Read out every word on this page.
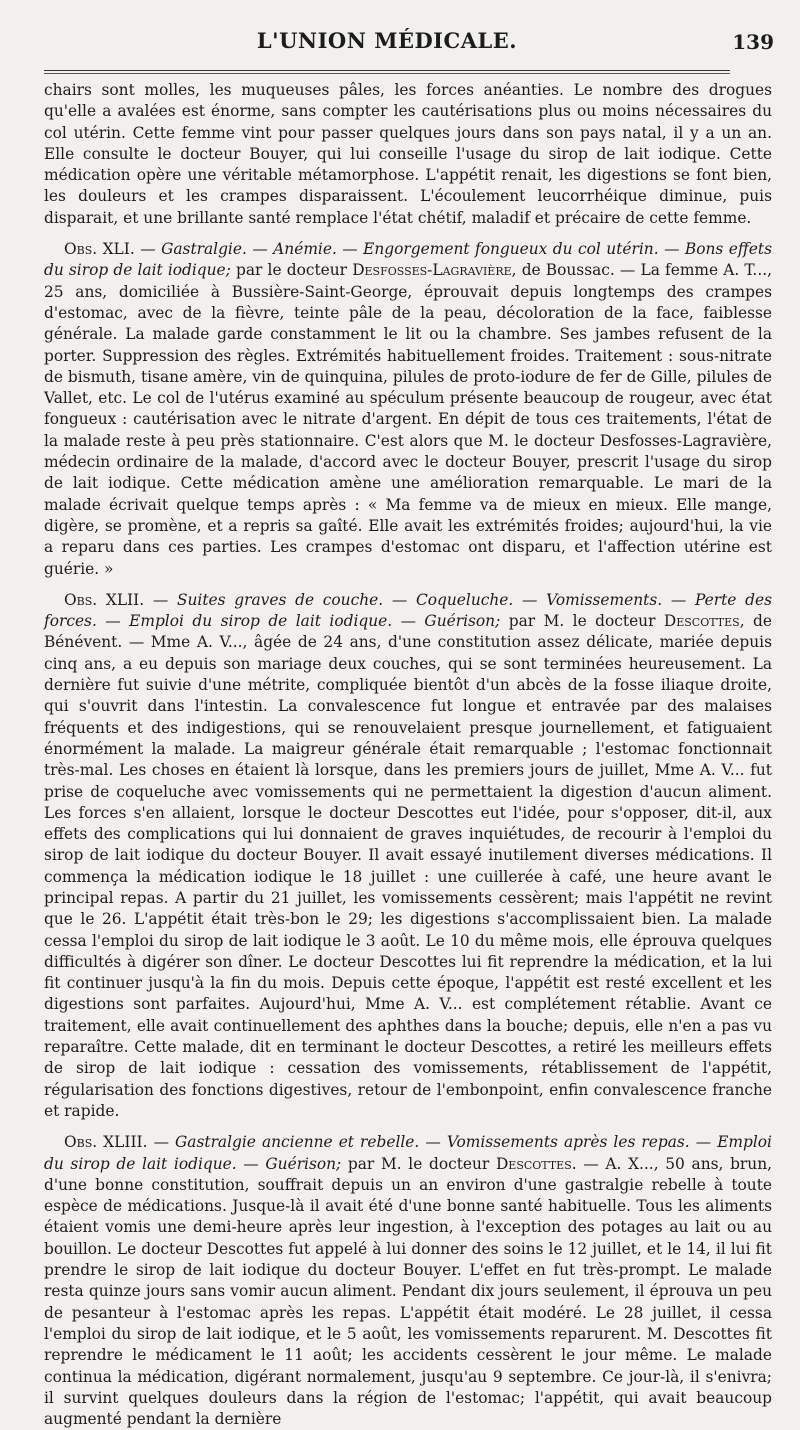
L'UNION MÉDICALE.	139

chairs sont molles, les muqueuses pâles, les forces anéanties. Le nombre des drogues qu'elle a avalées est énorme, sans compter les cautérisations plus ou moins nécessaires du col utérin. Cette femme vint pour passer quelques jours dans son pays natal, il y a un an. Elle consulte le docteur Bouyer, qui lui conseille l'usage du sirop de lait iodique. Cette médication opère une véritable métamorphose. L'appétit renait, les digestions se font bien, les douleurs et les crampes disparaissent. L'écoulement leucorrhéique diminue, puis disparait, et une brillante santé remplace l'état chétif, maladif et précaire de cette femme.

Obs. XLI. — Gastralgie. — Anémie. — Engorgement fongueux du col utérin. — Bons effets du sirop de lait iodique; par le docteur Desfosses-Lagravière, de Boussac. — La femme A. T..., 25 ans, domiciliée à Bussière-Saint-George, éprouvait depuis longtemps des crampes d'estomac, avec de la fièvre, teinte pâle de la peau, décoloration de la face, faiblesse générale. La malade garde constamment le lit ou la chambre. Ses jambes refusent de la porter. Suppression des règles. Extrémités habituellement froides. Traitement : sous-nitrate de bismuth, tisane amère, vin de quinquina, pilules de proto-iodure de fer de Gille, pilules de Vallet, etc. Le col de l'utérus examiné au spéculum présente beaucoup de rougeur, avec état fongueux : cautérisation avec le nitrate d'argent. En dépit de tous ces traitements, l'état de la malade reste à peu près stationnaire. C'est alors que M. le docteur Desfosses-Lagravière, médecin ordinaire de la malade, d'accord avec le docteur Bouyer, prescrit l'usage du sirop de lait iodique. Cette médication amène une amélioration remarquable. Le mari de la malade écrivait quelque temps après : « Ma femme va de mieux en mieux. Elle mange, digère, se promène, et a repris sa gaîté. Elle avait les extrémités froides; aujourd'hui, la vie a reparu dans ces parties. Les crampes d'estomac ont disparu, et l'affection utérine est guérie. »

Obs. XLII. — Suites graves de couche. — Coqueluche. — Vomissements. — Perte des forces. — Emploi du sirop de lait iodique. — Guérison; par M. le docteur Descottes, de Bénévent. — Mme A. V..., âgée de 24 ans, d'une constitution assez délicate, mariée depuis cinq ans, a eu depuis son mariage deux couches, qui se sont terminées heureusement. La dernière fut suivie d'une métrite, compliquée bientôt d'un abcès de la fosse iliaque droite, qui s'ouvrit dans l'intestin. La convalescence fut longue et entravée par des malaises fréquents et des indigestions, qui se renouvelaient presque journellement, et fatiguaient énormément la malade. La maigreur générale était remarquable ; l'estomac fonctionnait très-mal. Les choses en étaient là lorsque, dans les premiers jours de juillet, Mme A. V... fut prise de coqueluche avec vomissements qui ne permettaient la digestion d'aucun aliment. Les forces s'en allaient, lorsque le docteur Descottes eut l'idée, pour s'opposer, dit-il, aux effets des complications qui lui donnaient de graves inquiétudes, de recourir à l'emploi du sirop de lait iodique du docteur Bouyer. Il avait essayé inutilement diverses médications. Il commença la médication iodique le 18 juillet : une cuillerée à café, une heure avant le principal repas. A partir du 21 juillet, les vomissements cessèrent; mais l'appétit ne revint que le 26. L'appétit était très-bon le 29; les digestions s'accomplissaient bien. La malade cessa l'emploi du sirop de lait iodique le 3 août. Le 10 du même mois, elle éprouva quelques difficultés à digérer son dîner. Le docteur Descottes lui fit reprendre la médication, et la lui fit continuer jusqu'à la fin du mois. Depuis cette époque, l'appétit est resté excellent et les digestions sont parfaites. Aujourd'hui, Mme A. V... est complétement rétablie. Avant ce traitement, elle avait continuellement des aphthes dans la bouche; depuis, elle n'en a pas vu reparaître. Cette malade, dit en terminant le docteur Descottes, a retiré les meilleurs effets de sirop de lait iodique : cessation des vomissements, rétablissement de l'appétit, régularisation des fonctions digestives, retour de l'embonpoint, enfin convalescence franche et rapide.

Obs. XLIII. — Gastralgie ancienne et rebelle. — Vomissements après les repas. — Emploi du sirop de lait iodique. — Guérison; par M. le docteur Descottes. — A. X..., 50 ans, brun, d'une bonne constitution, souffrait depuis un an environ d'une gastralgie rebelle à toute espèce de médications. Jusque-là il avait été d'une bonne santé habituelle. Tous les aliments étaient vomis une demi-heure après leur ingestion, à l'exception des potages au lait ou au bouillon. Le docteur Descottes fut appelé à lui donner des soins le 12 juillet, et le 14, il lui fit prendre le sirop de lait iodique du docteur Bouyer. L'effet en fut très-prompt. Le malade resta quinze jours sans vomir aucun aliment. Pendant dix jours seulement, il éprouva un peu de pesanteur à l'estomac après les repas. L'appétit était modéré. Le 28 juillet, il cessa l'emploi du sirop de lait iodique, et le 5 août, les vomissements reparurent. M. Descottes fit reprendre le médicament le 11 août; les accidents cessèrent le jour même. Le malade continua la médication, digérant normalement, jusqu'au 9 septembre. Ce jour-là, il s'enivra; il survint quelques douleurs dans la région de l'estomac; l'appétit, qui avait beaucoup augmenté pendant la dernière
